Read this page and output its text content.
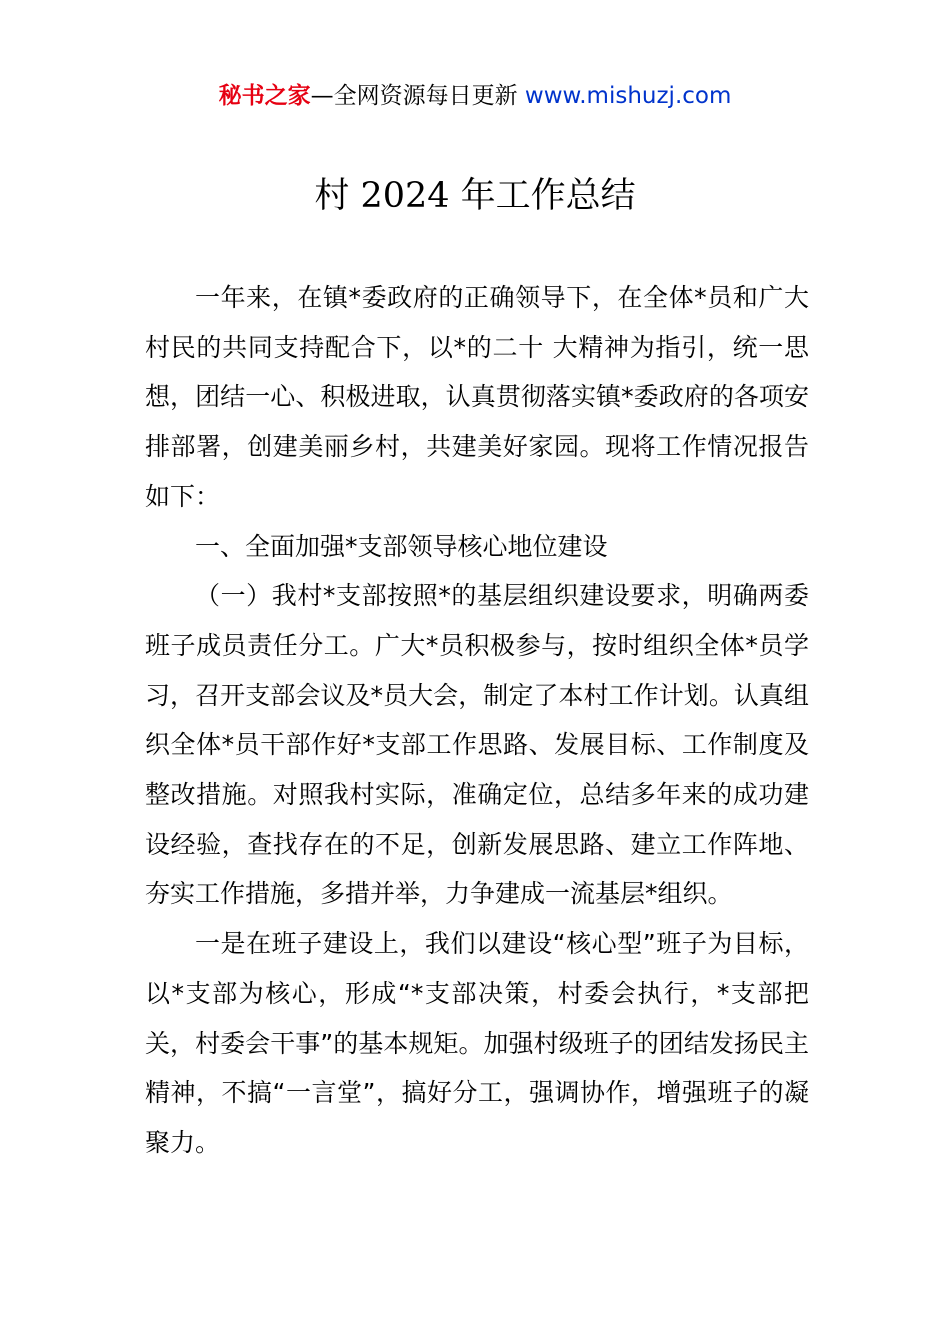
秘书之家—全网资源每日更新 www.mishuzj.com
村 2024 年工作总结

一年来，在镇*委政府的正确领导下，在全体*员和广大村民的共同支持配合下，以*的二十 大精神为指引，统一思想，团结一心、积极进取，认真贯彻落实镇*委政府的各项安排部署，创建美丽乡村，共建美好家园。现将工作情况报告如下：

一、全面加强*支部领导核心地位建设

（一）我村*支部按照*的基层组织建设要求，明确两委班子成员责任分工。广大*员积极参与，按时组织全体*员学习，召开支部会议及*员大会，制定了本村工作计划。认真组织全体*员干部作好*支部工作思路、发展目标、工作制度及整改措施。对照我村实际，准确定位，总结多年来的成功建设经验，查找存在的不足，创新发展思路、建立工作阵地、夯实工作措施，多措并举，力争建成一流基层*组织。

一是在班子建设上，我们以建设“核心型”班子为目标，以*支部为核心，形成“*支部决策，村委会执行，*支部把关，村委会干事”的基本规矩。加强村级班子的团结发扬民主精神，不搞“一言堂”，搞好分工，强调协作，增强班子的凝聚力。
